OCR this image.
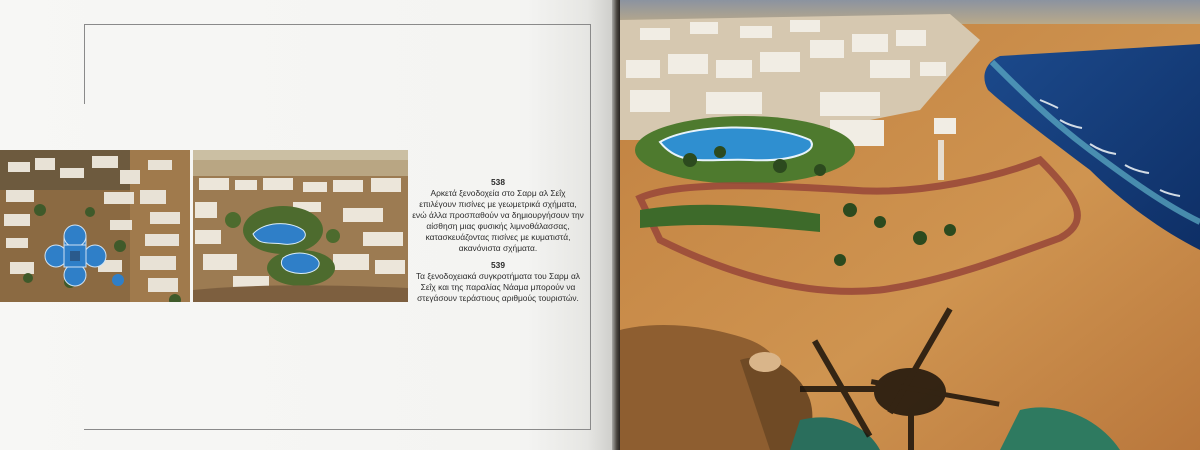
538
Αρκετά ξενοδοχεία στο Σαρμ αλ Σεΐχ επιλέγουν πισίνες με γεωμετρικά σχήματα, ενώ άλλα προσπαθούν να δημιουργήσουν την αίσθηση μιας φυσικής λιμνοθάλασσας, κατασκευάζοντας πισίνες με κυματιστά, ακανόνιστα σχήματα.
539
Τα ξενοδοχειακά συγκροτήματα του Σαρμ αλ Σεΐχ και της παραλίας Νάαμα μπορούν να στεγάσουν τεράστιους αριθμούς τουριστών.
